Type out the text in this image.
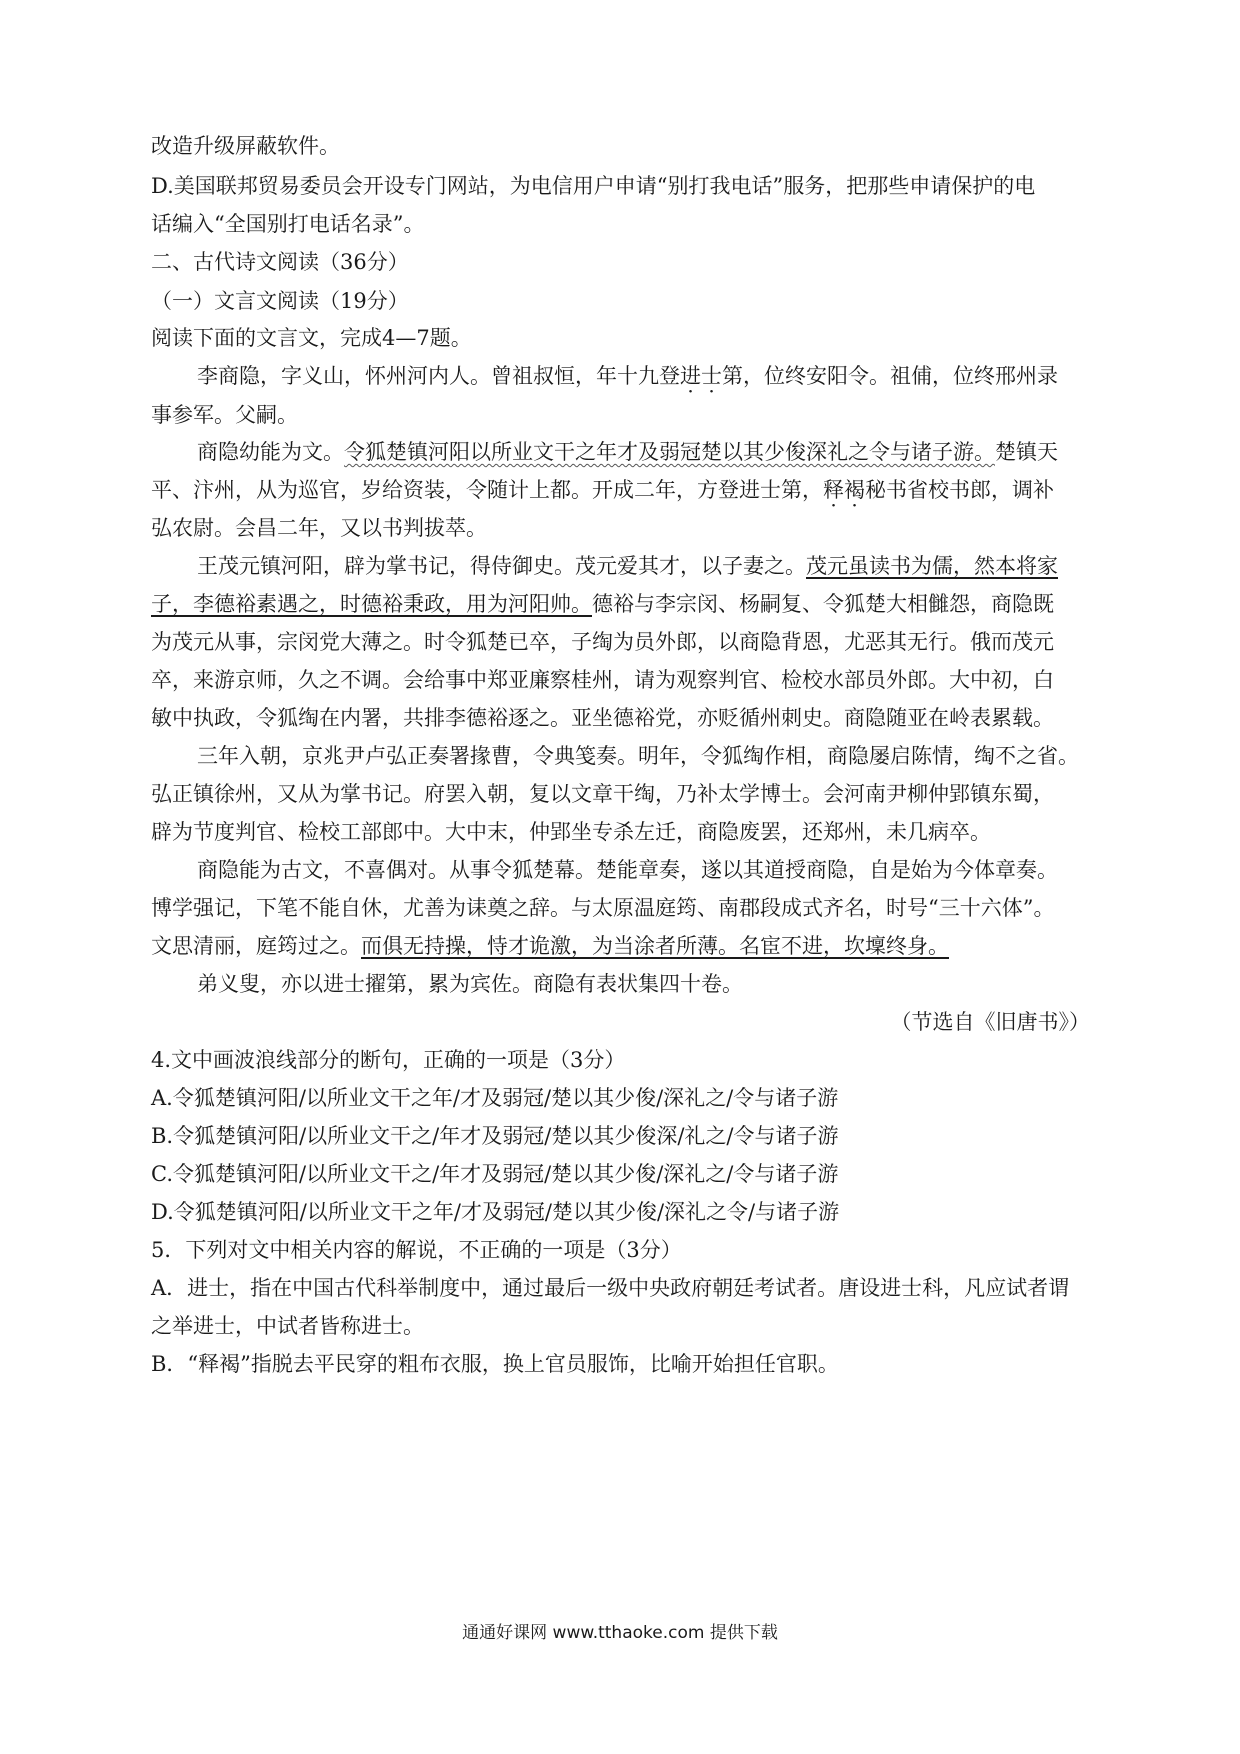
改造升级屏蔽软件。
D.美国联邦贸易委员会开设专门网站，为电信用户申请“别打我电话”服务，把那些申请保护的电
话编入“全国别打电话名录”。
二、古代诗文阅读（36分）
（一）文言文阅读（19分）
阅读下面的文言文，完成4—7题。
李商隐，字义山，怀州河内人。曾祖叔恒，年十九登进士第，位终安阳令。祖俌，位终邢州录
事参军。父嗣。
商隐幼能为文。令狐楚镇河阳以所业文干之年才及弱冠楚以其少俊深礼之令与诸子游。楚镇天
平、汴州，从为巡官，岁给资装，令随计上都。开成二年，方登进士第，释褐秘书省校书郎，调补
弘农尉。会昌二年，又以书判拔萃。
王茂元镇河阳，辟为掌书记，得侍御史。茂元爱其才，以子妻之。茂元虽读书为儒，然本将家
子，李德裕素遇之，时德裕秉政，用为河阳帅。德裕与李宗闵、杨嗣复、令狐楚大相雠怨，商隐既
为茂元从事，宗闵党大薄之。时令狐楚已卒，子绹为员外郎，以商隐背恩，尤恶其无行。俄而茂元
卒，来游京师，久之不调。会给事中郑亚廉察桂州，请为观察判官、检校水部员外郎。大中初，白
敏中执政，令狐绹在内署，共排李德裕逐之。亚坐德裕党，亦贬循州刺史。商隐随亚在岭表累载。
三年入朝，京兆尹卢弘正奏署掾曹，令典笺奏。明年，令狐绹作相，商隐屡启陈情，绹不之省。
弘正镇徐州，又从为掌书记。府罢入朝，复以文章干绹，乃补太学博士。会河南尹柳仲郢镇东蜀，
辟为节度判官、检校工部郎中。大中末，仲郢坐专杀左迁，商隐废罢，还郑州，未几病卒。
商隐能为古文，不喜偶对。从事令狐楚幕。楚能章奏，遂以其道授商隐，自是始为今体章奏。
博学强记，下笔不能自休，尤善为诔奠之辞。与太原温庭筠、南郡段成式齐名，时号“三十六体”。
文思清丽，庭筠过之。而俱无持操，恃才诡激，为当涂者所薄。名宦不进，坎壈终身。
弟义叟，亦以进士擢第，累为宾佐。商隐有表状集四十卷。
（节选自《旧唐书》）
4.文中画波浪线部分的断句，正确的一项是（3分）
A.令狐楚镇河阳/以所业文干之年/才及弱冠/楚以其少俊/深礼之/令与诸子游
B.令狐楚镇河阳/以所业文干之/年才及弱冠/楚以其少俊深/礼之/令与诸子游
C.令狐楚镇河阳/以所业文干之/年才及弱冠/楚以其少俊/深礼之/令与诸子游
D.令狐楚镇河阳/以所业文干之年/才及弱冠/楚以其少俊/深礼之令/与诸子游
5．下列对文中相关内容的解说，不正确的一项是（3分）
A．进士，指在中国古代科举制度中，通过最后一级中央政府朝廷考试者。唐设进士科，凡应试者谓
之举进士，中试者皆称进士。
B．“释褐”指脱去平民穿的粗布衣服，换上官员服饰，比喻开始担任官职。
通通好课网 www.tthaoke.com 提供下载
